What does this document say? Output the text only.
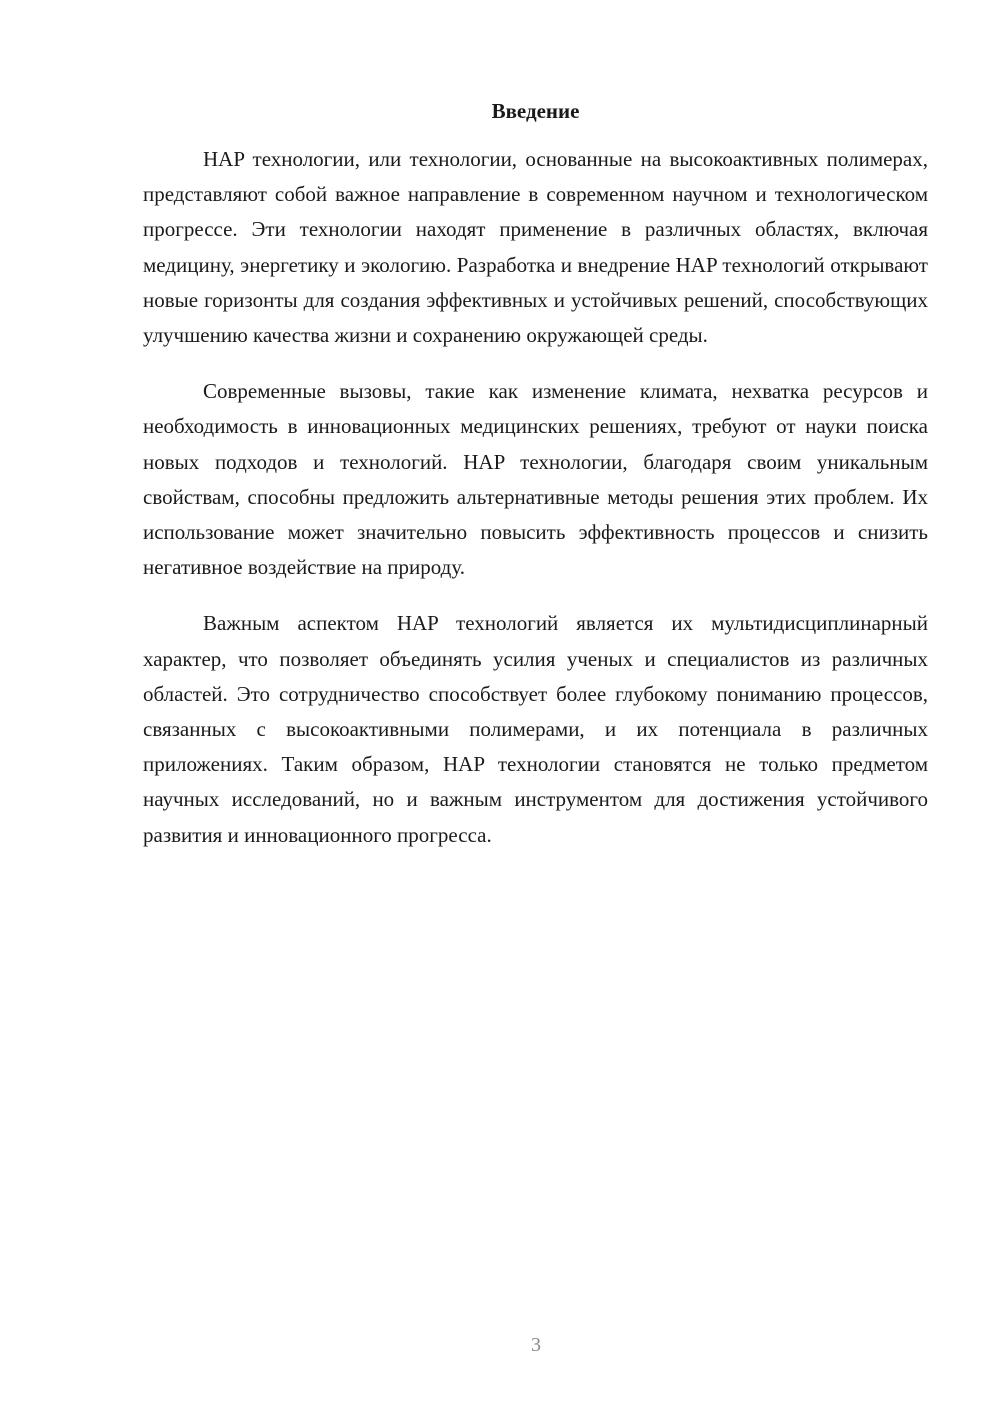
Введение

HAP технологии, или технологии, основанные на высокоактивных полимерах, представляют собой важное направление в современном научном и технологическом прогрессе. Эти технологии находят применение в различных областях, включая медицину, энергетику и экологию. Разработка и внедрение HAP технологий открывают новые горизонты для создания эффективных и устойчивых решений, способствующих улучшению качества жизни и сохранению окружающей среды.

Современные вызовы, такие как изменение климата, нехватка ресурсов и необходимость в инновационных медицинских решениях, требуют от науки поиска новых подходов и технологий. HAP технологии, благодаря своим уникальным свойствам, способны предложить альтернативные методы решения этих проблем. Их использование может значительно повысить эффективность процессов и снизить негативное воздействие на природу.

Важным аспектом HAP технологий является их мультидисциплинарный характер, что позволяет объединять усилия ученых и специалистов из различных областей. Это сотрудничество способствует более глубокому пониманию процессов, связанных с высокоактивными полимерами, и их потенциала в различных приложениях. Таким образом, HAP технологии становятся не только предметом научных исследований, но и важным инструментом для достижения устойчивого развития и инновационного прогресса.

3
